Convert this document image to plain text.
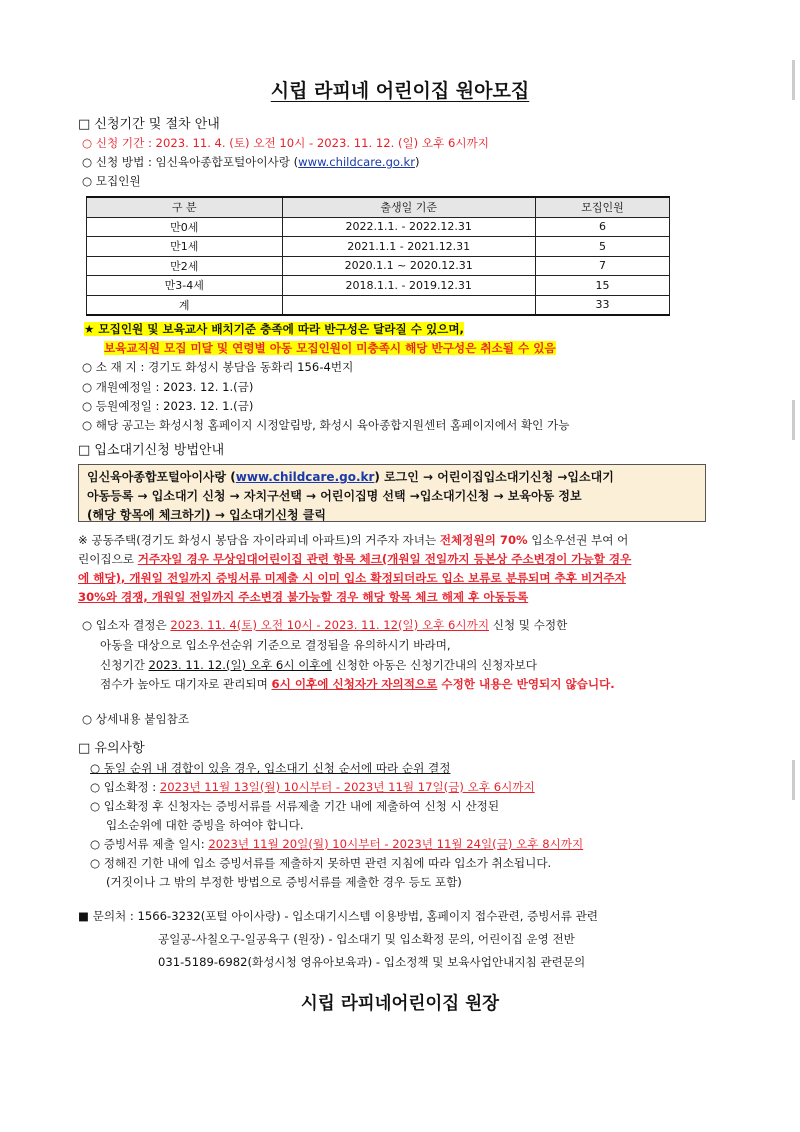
시립 라피네 어린이집 원아모집
□ 신청기간 및 절차 안내
○ 신청 기간 : 2023. 11. 4. (토) 오전 10시 - 2023. 11. 12. (일) 오후 6시까지
○ 신청 방법 : 임신육아종합포털아이사랑 (www.childcare.go.kr)
○ 모집인원
구 분	출생일 기준	모집인원
만0세	2022.1.1. - 2022.12.31	6
만1세	2021.1.1 - 2021.12.31	5
만2세	2020.1.1 ~ 2020.12.31	7
만3-4세	2018.1.1. - 2019.12.31	15
계		33
★ 모집인원 및 보육교사 배치기준 충족에 따라 반구성은 달라질 수 있으며,
보육교직원 모집 미달 및 연령별 아동 모집인원이 미충족시 해당 반구성은 취소될 수 있음
○ 소 재 지 : 경기도 화성시 봉담읍 동화리 156-4번지
○ 개원예정일 : 2023. 12. 1.(금)
○ 등원예정일 : 2023. 12. 1.(금)
○ 해당 공고는 화성시청 홈페이지 시정알림방, 화성시 육아종합지원센터 홈페이지에서 확인 가능
□ 입소대기신청 방법안내
임신육아종합포털아이사랑 (www.childcare.go.kr) 로그인 → 어린이집입소대기신청 →입소대기
아동등록 → 입소대기 신청 → 자치구선택 → 어린이집명 선택 →입소대기신청 → 보육아동 정보
(해당 항목에 체크하기) → 입소대기신청 클릭
※ 공동주택(경기도 화성시 봉담읍 자이라피네 아파트)의 거주자 자녀는 전체정원의 70% 입소우선권 부여 어
린이집으로 거주자일 경우 무상임대어린이집 관련 항목 체크(개원일 전일까지 등본상 주소변경이 가능할 경우
에 해당), 개원일 전일까지 증빙서류 미제출 시 이미 입소 확정되더라도 입소 보류로 분류되며 추후 비거주자
30%와 경쟁, 개원일 전일까지 주소변경 불가능할 경우 해당 항목 체크 해제 후 아동등록
○ 입소자 결정은 2023. 11. 4(토) 오전 10시 - 2023. 11. 12(일) 오후 6시까지 신청 및 수정한
아동을 대상으로 입소우선순위 기준으로 결정됨을 유의하시기 바라며,
신청기간 2023. 11. 12.(일) 오후 6시 이후에 신청한 아동은 신청기간내의 신청자보다
점수가 높아도 대기자로 관리되며 6시 이후에 신청자가 자의적으로 수정한 내용은 반영되지 않습니다.
○ 상세내용 붙임참조
□ 유의사항
○ 동일 순위 내 경합이 있을 경우, 입소대기 신청 순서에 따라 순위 결정
○ 입소확정 : 2023년 11월 13일(월) 10시부터 - 2023년 11월 17일(금) 오후 6시까지
○ 입소확정 후 신청자는 증빙서류를 서류제출 기간 내에 제출하여 신청 시 산정된
입소순위에 대한 증빙을 하여야 합니다.
○ 증빙서류 제출 일시: 2023년 11월 20일(월) 10시부터 - 2023년 11월 24일(금) 오후 8시까지
○ 정해진 기한 내에 입소 증빙서류를 제출하지 못하면 관련 지침에 따라 입소가 취소됩니다.
(거짓이나 그 밖의 부정한 방법으로 증빙서류를 제출한 경우 등도 포함)
■ 문의처 : 1566-3232(포털 아이사랑) - 입소대기시스템 이용방법, 홈페이지 접수관련, 증빙서류 관련
공일공-사칠오구-일공육구 (원장) - 입소대기 및 입소확정 문의, 어린이집 운영 전반
031-5189-6982(화성시청 영유아보육과) - 입소정책 및 보육사업안내지침 관련문의
시립 라피네어린이집 원장
